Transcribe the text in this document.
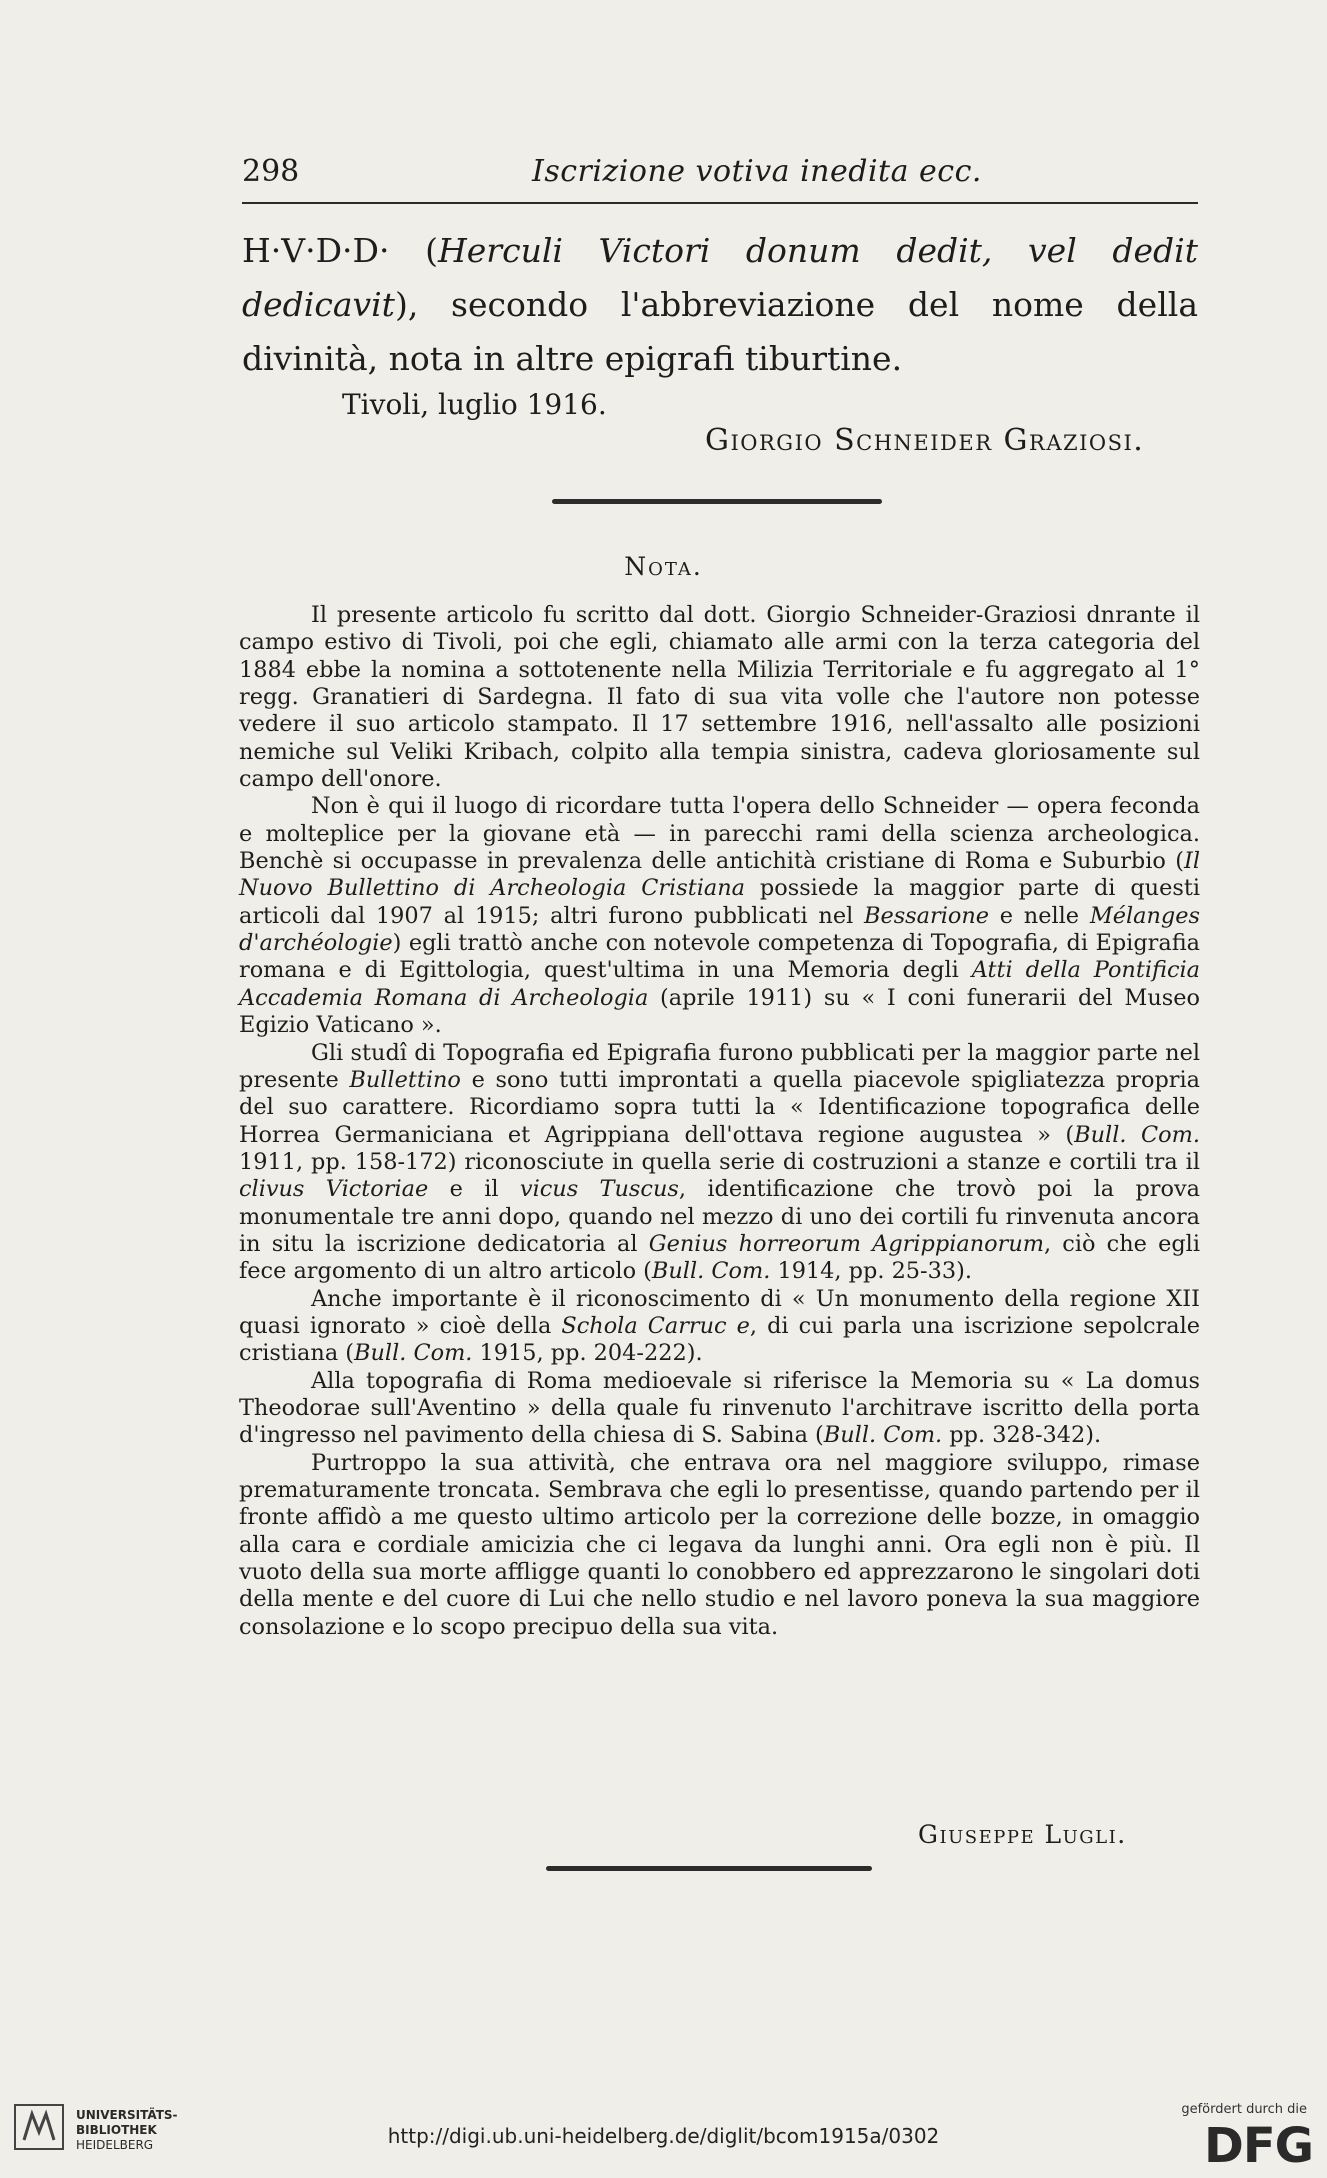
298	Iscrizione votiva inedita ecc.

H·V·D·D· (Herculi Victori donum dedit, vel dedit dedicavit), secondo l'abbreviazione del nome della divinità, nota in altre epigrafi tiburtine.

Tivoli, luglio 1916.
Giorgio Schneider Graziosi.
Nota.

Il presente articolo fu scritto dal dott. Giorgio Schneider-Graziosi dnrante il campo estivo di Tivoli, poi che egli, chiamato alle armi con la terza categoria del 1884 ebbe la nomina a sottotenente nella Milizia Territoriale e fu aggregato al 1° regg. Granatieri di Sardegna. Il fato di sua vita volle che l'autore non potesse vedere il suo articolo stampato. Il 17 settembre 1916, nell'assalto alle posizioni nemiche sul Veliki Kribach, colpito alla tempia sinistra, cadeva gloriosamente sul campo dell'onore.

Non è qui il luogo di ricordare tutta l'opera dello Schneider — opera feconda e molteplice per la giovane età — in parecchi rami della scienza archeologica. Benchè si occupasse in prevalenza delle antichità cristiane di Roma e Suburbio (Il Nuovo Bullettino di Archeologia Cristiana possiede la maggior parte di questi articoli dal 1907 al 1915; altri furono pubblicati nel Bessarione e nelle Mélanges d'archéologie) egli trattò anche con notevole competenza di Topografia, di Epigrafia romana e di Egittologia, quest'ultima in una Memoria degli Atti della Pontificia Accademia Romana di Archeologia (aprile 1911) su « I coni funerarii del Museo Egizio Vaticano ».

Gli studî di Topografia ed Epigrafia furono pubblicati per la maggior parte nel presente Bullettino e sono tutti improntati a quella piacevole spigliatezza propria del suo carattere. Ricordiamo sopra tutti la « Identificazione topografica delle Horrea Germaniciana et Agrippiana dell'ottava regione augustea » (Bull. Com. 1911, pp. 158-172) riconosciute in quella serie di costruzioni a stanze e cortili tra il clivus Victoriae e il vicus Tuscus, identificazione che trovò poi la prova monumentale tre anni dopo, quando nel mezzo di uno dei cortili fu rinvenuta ancora in situ la iscrizione dedicatoria al Genius horreorum Agrippianorum, ciò che egli fece argomento di un altro articolo (Bull. Com. 1914, pp. 25-33).

Anche importante è il riconoscimento di « Un monumento della regione XII quasi ignorato » cioè della Schola Carruc e, di cui parla una iscrizione sepolcrale cristiana (Bull. Com. 1915, pp. 204-222).

Alla topografia di Roma medioevale si riferisce la Memoria su « La domus Theodorae sull'Aventino » della quale fu rinvenuto l'architrave iscritto della porta d'ingresso nel pavimento della chiesa di S. Sabina (Bull. Com. pp. 328-342).

Purtroppo la sua attività, che entrava ora nel maggiore sviluppo, rimase prematuramente troncata. Sembrava che egli lo presentisse, quando partendo per il fronte affidò a me questo ultimo articolo per la correzione delle bozze, in omaggio alla cara e cordiale amicizia che ci legava da lunghi anni. Ora egli non è più. Il vuoto della sua morte affligge quanti lo conobbero ed apprezzarono le singolari doti della mente e del cuore di Lui che nello studio e nel lavoro poneva la sua maggiore consolazione e lo scopo precipuo della sua vita.

Giuseppe Lugli.
UNIVERSITÄTS-
BIBLIOTHEK
HEIDELBERG	http://digi.ub.uni-heidelberg.de/diglit/bcom1915a/0302
gefördert durch die
DFG
